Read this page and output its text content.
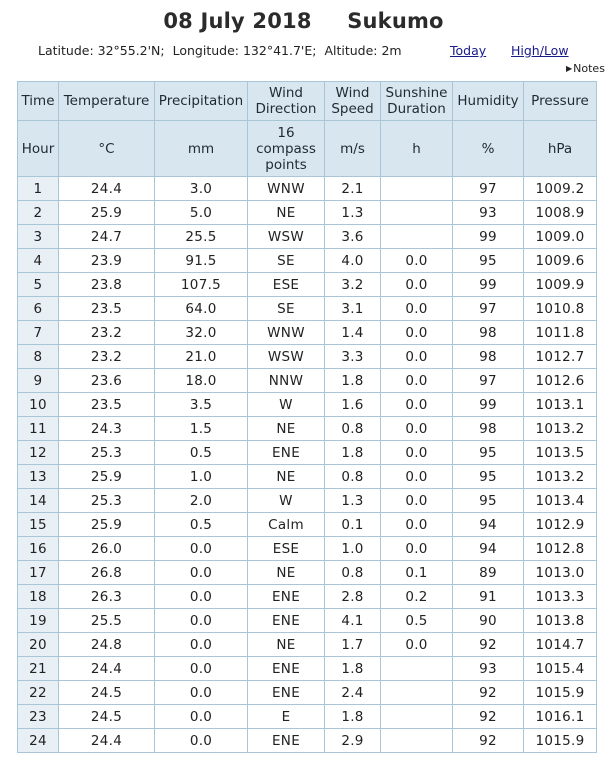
08 July 2018 Sukumo
Latitude: 32°55.2'N; Longitude: 132°41.7'E; Altitude: 2m	Today High/Low
▶Notes
Time	Temperature	Precipitation	Wind Direction	Wind Speed	Sunshine Duration	Humidity	Pressure
Hour	°C	mm	16 compass points	m/s	h	%	hPa
1	24.4	3.0	WNW	2.1		97	1009.2
2	25.9	5.0	NE	1.3		93	1008.9
3	24.7	25.5	WSW	3.6		99	1009.0
4	23.9	91.5	SE	4.0	0.0	95	1009.6
5	23.8	107.5	ESE	3.2	0.0	99	1009.9
6	23.5	64.0	SE	3.1	0.0	97	1010.8
7	23.2	32.0	WNW	1.4	0.0	98	1011.8
8	23.2	21.0	WSW	3.3	0.0	98	1012.7
9	23.6	18.0	NNW	1.8	0.0	97	1012.6
10	23.5	3.5	W	1.6	0.0	99	1013.1
11	24.3	1.5	NE	0.8	0.0	98	1013.2
12	25.3	0.5	ENE	1.8	0.0	95	1013.5
13	25.9	1.0	NE	0.8	0.0	95	1013.2
14	25.3	2.0	W	1.3	0.0	95	1013.4
15	25.9	0.5	Calm	0.1	0.0	94	1012.9
16	26.0	0.0	ESE	1.0	0.0	94	1012.8
17	26.8	0.0	NE	0.8	0.1	89	1013.0
18	26.3	0.0	ENE	2.8	0.2	91	1013.3
19	25.5	0.0	ENE	4.1	0.5	90	1013.8
20	24.8	0.0	NE	1.7	0.0	92	1014.7
21	24.4	0.0	ENE	1.8		93	1015.4
22	24.5	0.0	ENE	2.4		92	1015.9
23	24.5	0.0	E	1.8		92	1016.1
24	24.4	0.0	ENE	2.9		92	1015.9
